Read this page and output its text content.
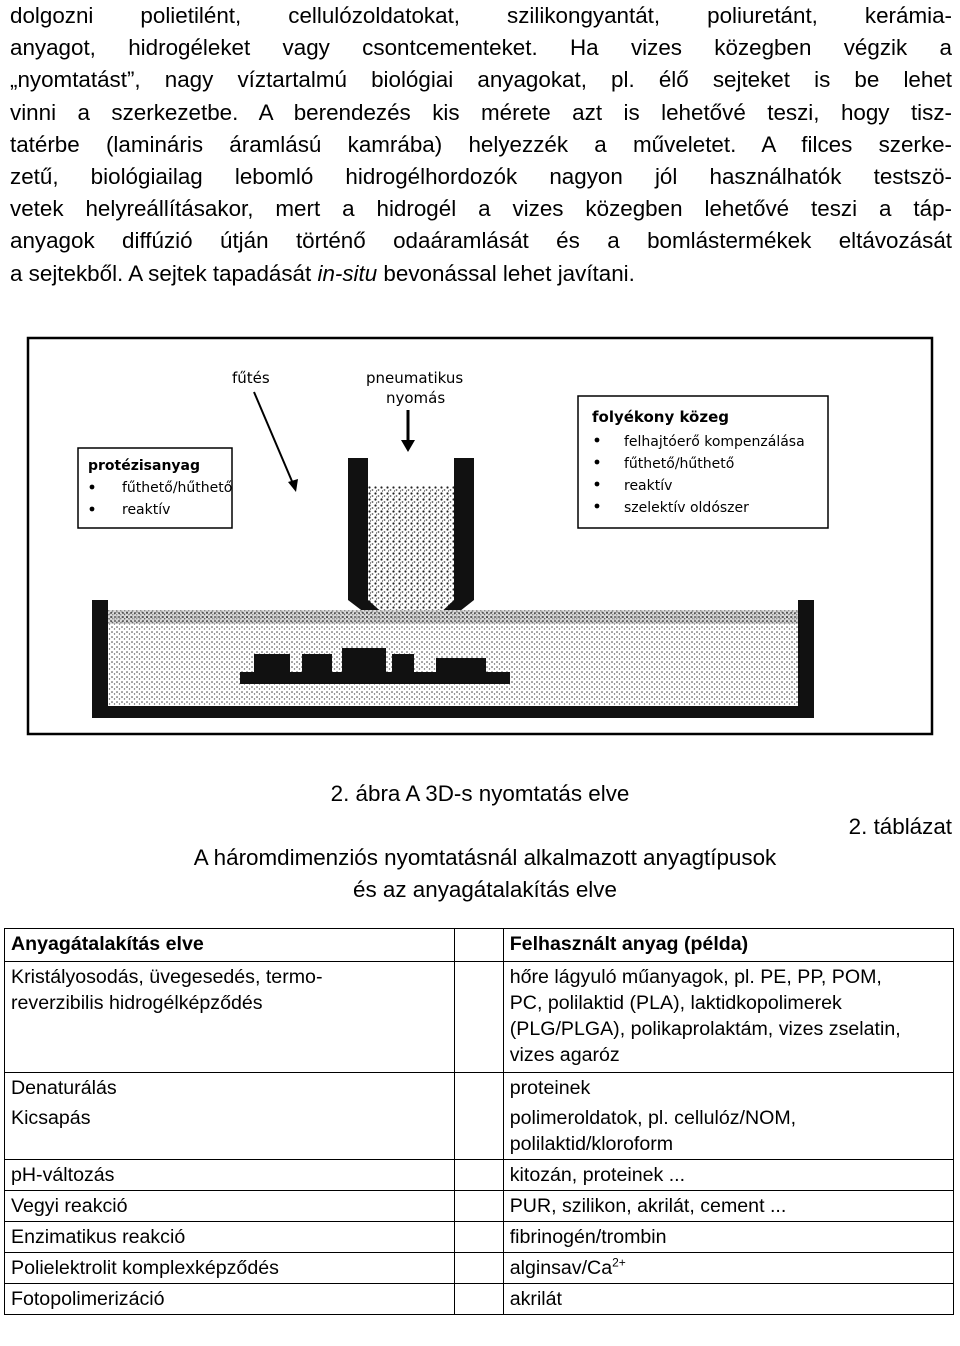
dolgozni polietilént, cellulózoldatokat, szilikongyantát, poliuretánt, kerámia-
anyagot, hidrogéleket vagy csontcementeket. Ha vizes közegben végzik a
„nyomtatást”, nagy víztartalmú biológiai anyagokat, pl. élő sejteket is be lehet
vinni a szerkezetbe. A berendezés kis mérete azt is lehetővé teszi, hogy tisz-
tatérbe (lamináris áramlású kamrába) helyezzék a műveletet. A filces szerke-
zetű, biológiailag lebomló hidrogélhordozók nagyon jól használhatók testszö-
vetek helyreállításakor, mert a hidrogél a vizes közegben lehetővé teszi a táp-
anyagok diffúzió útján történő odaáramlását és a bomlástermékek eltávozását
a sejtekből. A sejtek tapadását in-situ bevonással lehet javítani.
fűtés	pneumatikus
nyomás
protézisanyag
fűthető/hűthető
reaktív
folyékony közeg
felhajtóerő kompenzálása
fűthető/hűthető
reaktív
szelektív oldószer
2. ábra A 3D-s nyomtatás elve
2. táblázat
A háromdimenziós nyomtatásnál alkalmazott anyagtípusok
és az anyagátalakítás elve
Anyagátalakítás elve		Felhasznált anyag (példa)
Kristályosodás, üvegesedés, termo-
reverzibilis hidrogélképződés		hőre lágyuló műanyagok, pl. PE, PP, POM,
PC, polilaktid (PLA), laktidkopolimerek
(PLG/PLGA), polikaprolaktám, vizes zselatin,
vizes agaróz
Denaturálás		proteinek
Kicsapás		polimeroldatok, pl. cellulóz/NOM,
polilaktid/kloroform
pH-változás		kitozán, proteinek ...
Vegyi reakció		PUR, szilikon, akrilát, cement ...
Enzimatikus reakció		fibrinogén/trombin
Polielektrolit komplexképződés		alginsav/$Ca^{2+}$
Fotopolimerizáció		akrilát
